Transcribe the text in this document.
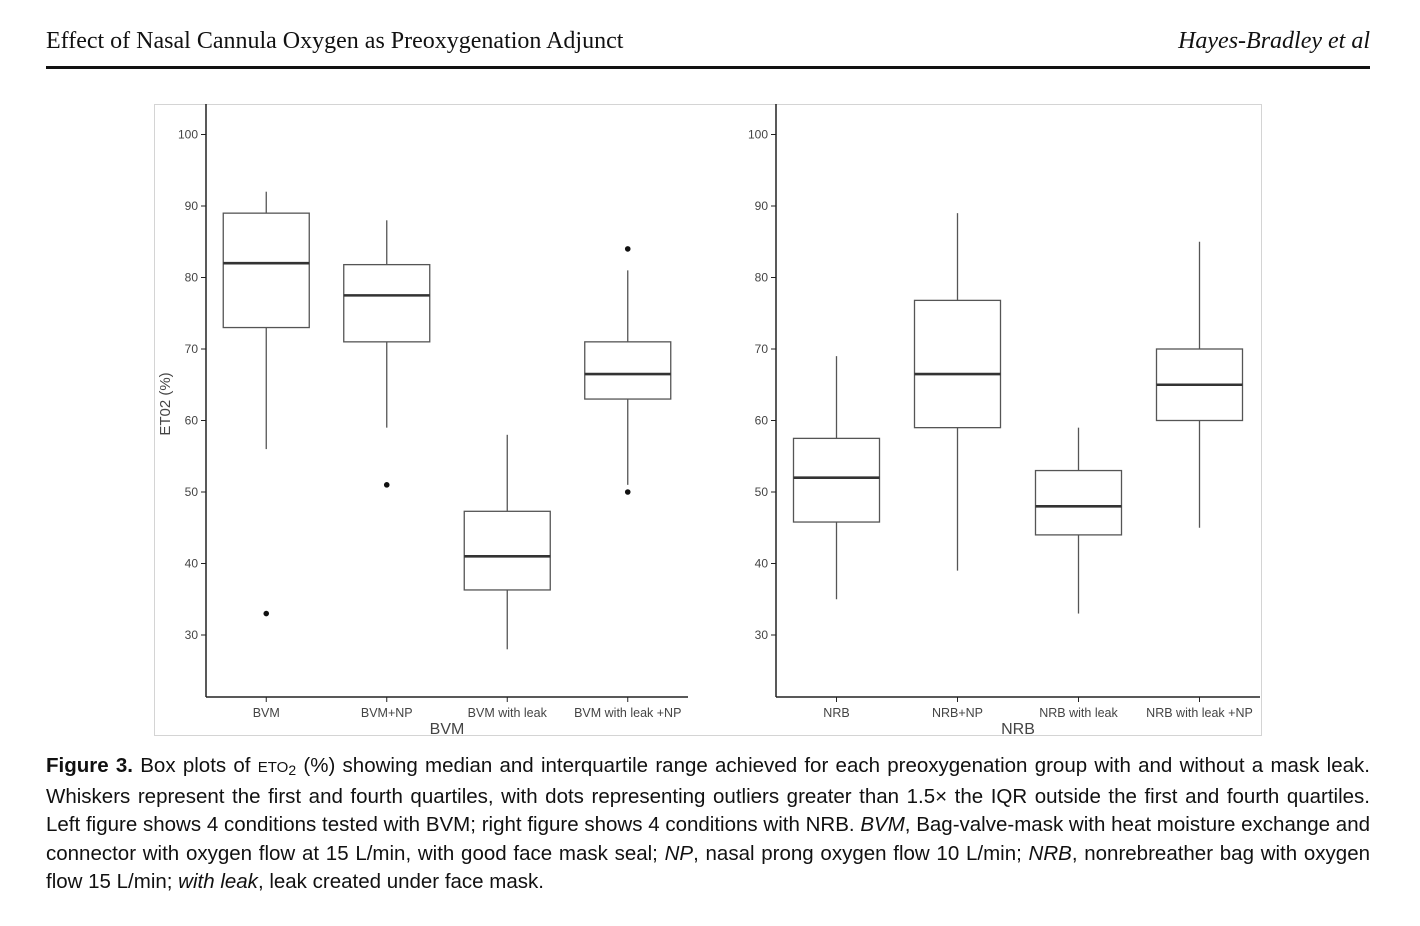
Effect of Nasal Cannula Oxygen as Preoxygenation Adjunct	Hayes-Bradley et al
30
40
50
60
70
80
90
100
BVM	BVM+NP	BVM with leak BVM with leak +NP
BVM
ET02 (%)
30
40
50
60
70
80
90
100
NRB	NRB+NP	NRB with leak NRB with leak +NP
NRB
Figure 3. Box plots of $ETO_2$ (%) showing median and interquartile range achieved for each preoxygenation group with and without a mask leak. Whiskers represent the first and fourth quartiles, with dots representing outliers greater than 1.5× the IQR outside the first and fourth quartiles. Left figure shows 4 conditions tested with BVM; right figure shows 4 conditions with NRB. BVM, Bag-valve-mask with heat moisture exchange and connector with oxygen flow at 15 L/min, with good face mask seal; NP, nasal prong oxygen flow 10 L/min; NRB, nonrebreather bag with oxygen flow 15 L/min; with leak, leak created under face mask.
